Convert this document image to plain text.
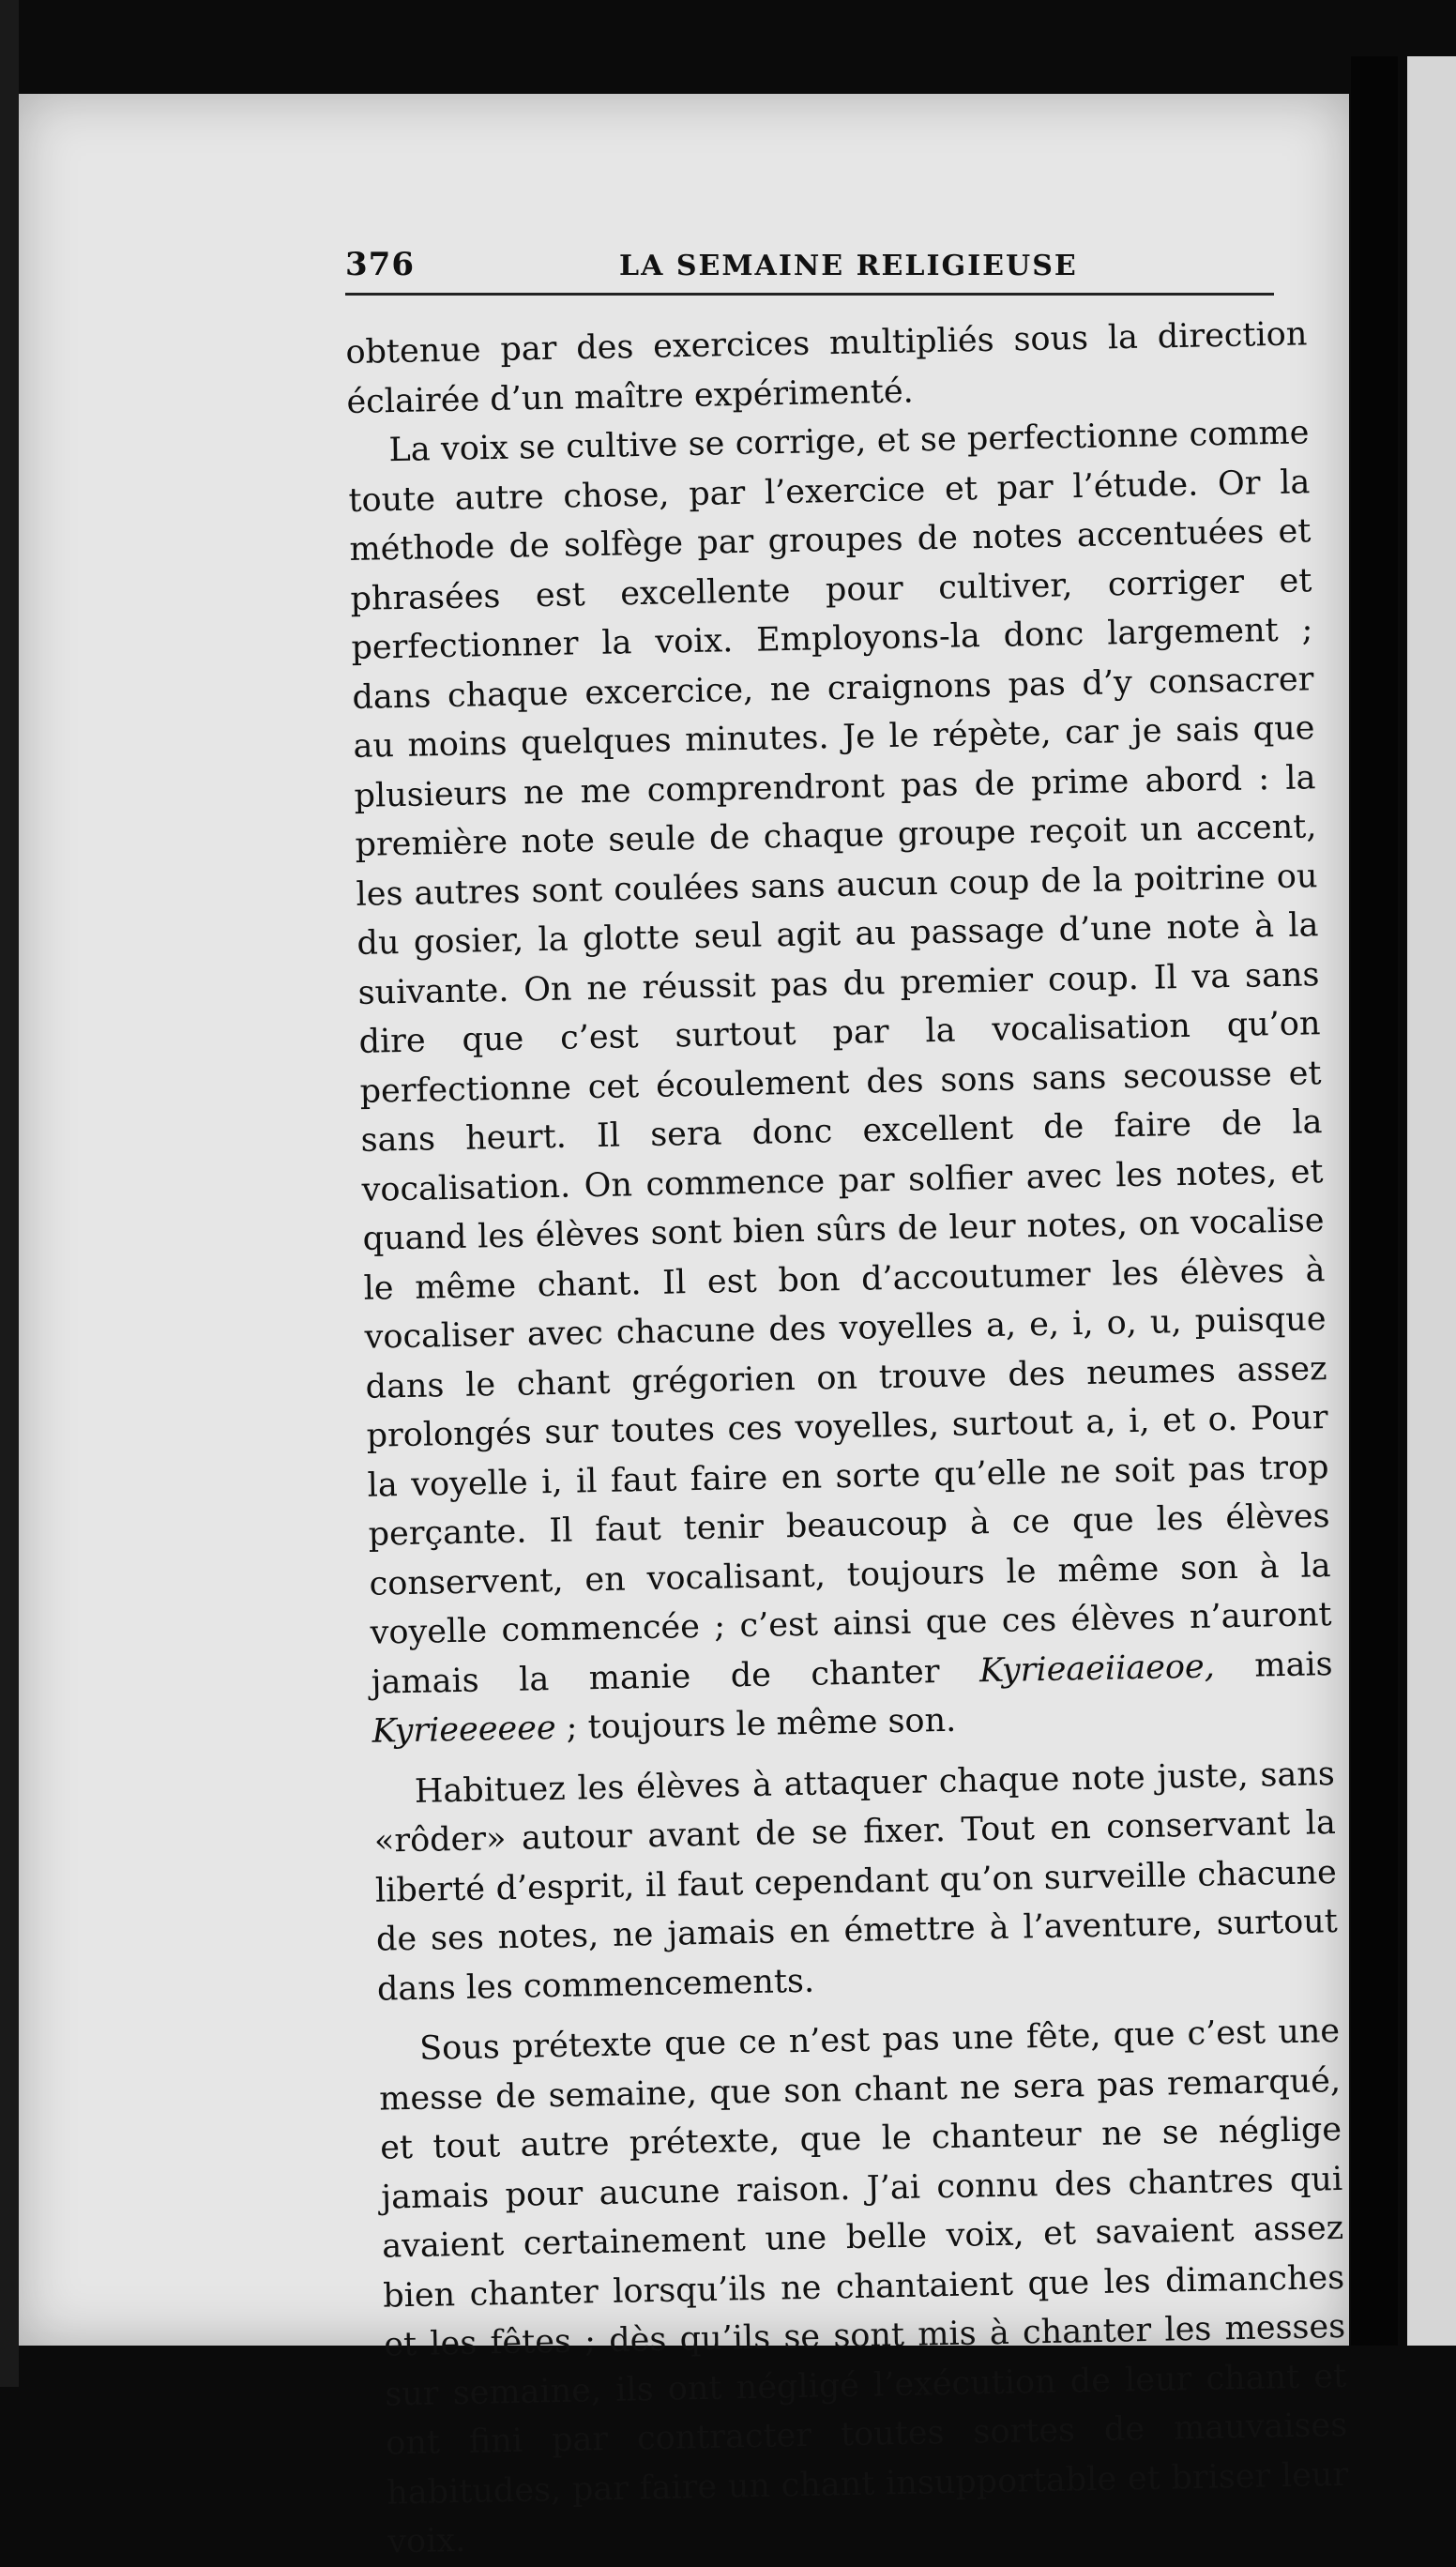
376	LA SEMAINE RELIGIEUSE

obtenue par des exercices multipliés sous la direction éclairée d’un maître expérimenté.

La voix se cultive se corrige, et se perfectionne comme toute autre chose, par l’exercice et par l’étude. Or la méthode de solfège par groupes de notes accentuées et phrasées est excellente pour cultiver, corriger et perfectionner la voix. Employons-la donc largement ; dans chaque excercice, ne craignons pas d’y consacrer au moins quelques minutes. Je le répète, car je sais que plusieurs ne me comprendront pas de prime abord : la première note seule de chaque groupe reçoit un accent, les autres sont coulées sans aucun coup de la poitrine ou du gosier, la glotte seul agit au passage d’une note à la suivante. On ne réussit pas du premier coup. Il va sans dire que c’est surtout par la vocalisation qu’on perfectionne cet écoulement des sons sans secousse et sans heurt. Il sera donc excellent de faire de la vocalisation. On commence par solfier avec les notes, et quand les élèves sont bien sûrs de leur notes, on vocalise le même chant. Il est bon d’accoutumer les élèves à vocaliser avec chacune des voyelles a, e, i, o, u, puisque dans le chant grégorien on trouve des neumes assez prolongés sur toutes ces voyelles, surtout a, i, et o. Pour la voyelle i, il faut faire en sorte qu’elle ne soit pas trop perçante. Il faut tenir beaucoup à ce que les élèves conservent, en vocalisant, toujours le même son à la voyelle commencée ; c’est ainsi que ces élèves n’auront jamais la manie de chanter Kyrieaeiiaeoe, mais Kyrieeeeee ; toujours le même son.

Habituez les élèves à attaquer chaque note juste, sans «rôder» autour avant de se fixer. Tout en conservant la liberté d’esprit, il faut cependant qu’on surveille chacune de ses notes, ne jamais en émettre à l’aventure, surtout dans les commencements.

Sous prétexte que ce n’est pas une fête, que c’est une messe de semaine, que son chant ne sera pas remarqué, et tout autre prétexte, que le chanteur ne se néglige jamais pour aucune raison. J’ai connu des chantres qui avaient certainement une belle voix, et savaient assez bien chanter lorsqu’ils ne chantaient que les dimanches et les fêtes ; dès qu’ils se sont mis à chanter les messes sur semaine, ils ont négligé l’exécution de leur chant et ont fini par contracter toutes sortes de mauvaises habitudes, par faire un chant insupportable et briser leur voix.
